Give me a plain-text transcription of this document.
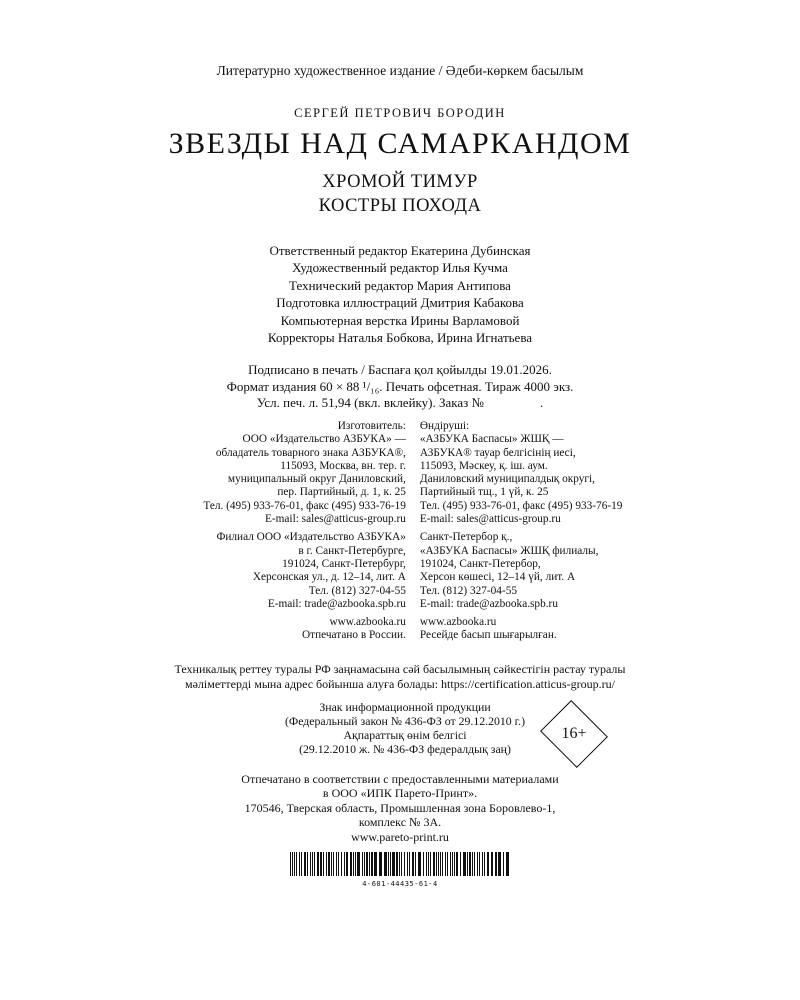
Литературно художественное издание / Әдеби-көркем басылым
СЕРГЕЙ ПЕТРОВИЧ БОРОДИН
ЗВЕЗДЫ НАД САМАРКАНДОМ
ХРОМОЙ ТИМУР
КОСТРЫ ПОХОДА
Ответственный редактор Екатерина Дубинская
Художественный редактор Илья Кучма
Технический редактор Мария Антипова
Подготовка иллюстраций Дмитрия Кабакова
Компьютерная верстка Ирины Варламовой
Корректоры Наталья Бобкова, Ирина Игнатьева
Подписано в печать / Баспаға қол қойылды 19.01.2026.
Формат издания 60 × 88 ¹/₁₆. Печать офсетная. Тираж 4000 экз.
Усл. печ. л. 51,94 (вкл. вклейку). Заказ №	.
Изготовитель:
ООО «Издательство АЗБУКА» —
обладатель товарного знака АЗБУКА®,
115093, Москва, вн. тер. г.
муниципальный округ Даниловский,
пер. Партийный, д. 1, к. 25
Тел. (495) 933-76-01, факс (495) 933-76-19
E-mail: sales@atticus-group.ru
Өндіруші:
«АЗБУКА Баспасы» ЖШҚ —
АЗБУКА® тауар белгісінің иесі,
115093, Мәскеу, қ. іш. аум.
Даниловский муниципалдық округі,
Партийный тщ., 1 үй, к. 25
Тел. (495) 933-76-01, факс (495) 933-76-19
E-mail: sales@atticus-group.ru
Филиал ООО «Издательство АЗБУКА»
в г. Санкт-Петербурге,
191024, Санкт-Петербург,
Херсонская ул., д. 12–14, лит. А
Тел. (812) 327-04-55
E-mail: trade@azbooka.spb.ru
Санкт-Петербор қ.,
«АЗБУКА Баспасы» ЖШҚ филиалы,
191024, Санкт-Петербор,
Херсон көшесі, 12–14 үй, лит. А
Тел. (812) 327-04-55
E-mail: trade@azbooka.spb.ru
www.azbooka.ru
Отпечатано в России.
www.azbooka.ru
Ресейде басып шығарылған.
Техникалық реттеу туралы РФ заңнамасына сәй басылымның сәйкестігін растау туралы
мәліметтерді мына адрес бойынша алуға болады: https://certification.atticus-group.ru/
Знак информационной продукции
(Федеральный закон № 436-ФЗ от 29.12.2010 г.)
Ақпараттық өнім белгісі
(29.12.2010 ж. № 436-ФЗ федералдық заң)
16+
Отпечатано в соответствии с предоставленными материалами
в ООО «ИПК Парето-Принт».
170546, Тверская область, Промышленная зона Боровлево-1,
комплекс № 3А.
www.pareto-print.ru
4-601-44435-61-4
